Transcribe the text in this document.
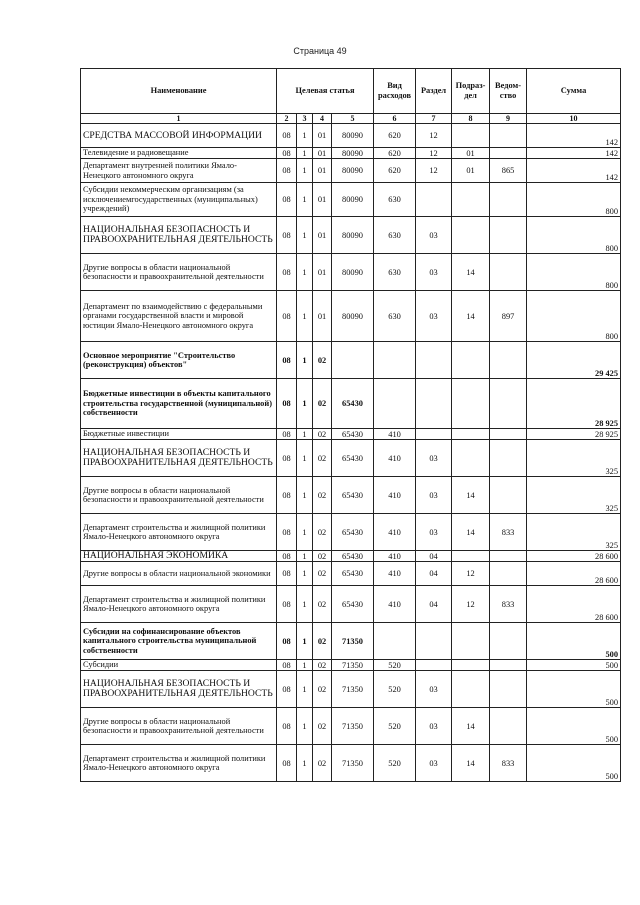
Страница 49
Наименование	Целевая статья				Вид расходов	Раздел	Подраз-дел	Ведом-ство	Сумма
1	2	3	4	5	6	7	8	9	10
СРЕДСТВА МАССОВОЙ ИНФОРМАЦИИ	08	1	01	80090	620	12			142
Телевидение и радиовещание	08	1	01	80090	620	12	01		142
Департамент внутренней политики Ямало-Ненецкого автономного округа	08	1	01	80090	620	12	01	865	142
Субсидии некоммерческим организациям (за исключениемгосударственных (муниципальных) учреждений)	08	1	01	80090	630				800
НАЦИОНАЛЬНАЯ БЕЗОПАСНОСТЬ И ПРАВООХРАНИТЕЛЬНАЯ ДЕЯТЕЛЬНОСТЬ	08	1	01	80090	630	03			800
Другие вопросы в области национальной безопасности и правоохранительной деятельности	08	1	01	80090	630	03	14		800
Департамент по взаимодействию с федеральными органами государственной власти и мировой юстиции Ямало-Ненецкого автономного округа	08	1	01	80090	630	03	14	897	800
Основное мероприятие "Строительство (реконструкция) объектов"	08	1	02						29 425
Бюджетные инвестиции в объекты капитального строительства государственной (муниципальной) собственности	08	1	02	65430					28 925
Бюджетные инвестиции	08	1	02	65430	410				28 925
НАЦИОНАЛЬНАЯ БЕЗОПАСНОСТЬ И ПРАВООХРАНИТЕЛЬНАЯ ДЕЯТЕЛЬНОСТЬ	08	1	02	65430	410	03			325
Другие вопросы в области национальной безопасности и правоохранительной деятельности	08	1	02	65430	410	03	14		325
Департамент строительства и жилищной политики Ямало-Ненецкого автономного округа	08	1	02	65430	410	03	14	833	325
НАЦИОНАЛЬНАЯ ЭКОНОМИКА	08	1	02	65430	410	04			28 600
Другие вопросы в области национальной экономики	08	1	02	65430	410	04	12		28 600
Департамент строительства и жилищной политики Ямало-Ненецкого автономного округа	08	1	02	65430	410	04	12	833	28 600
Субсидии на софинансирование объектов капитального строительства муниципальной собственности	08	1	02	71350					500
Субсидии	08	1	02	71350	520				500
НАЦИОНАЛЬНАЯ БЕЗОПАСНОСТЬ И ПРАВООХРАНИТЕЛЬНАЯ ДЕЯТЕЛЬНОСТЬ	08	1	02	71350	520	03			500
Другие вопросы в области национальной безопасности и правоохранительной деятельности	08	1	02	71350	520	03	14		500
Департамент строительства и жилищной политики Ямало-Ненецкого автономного округа	08	1	02	71350	520	03	14	833	500
